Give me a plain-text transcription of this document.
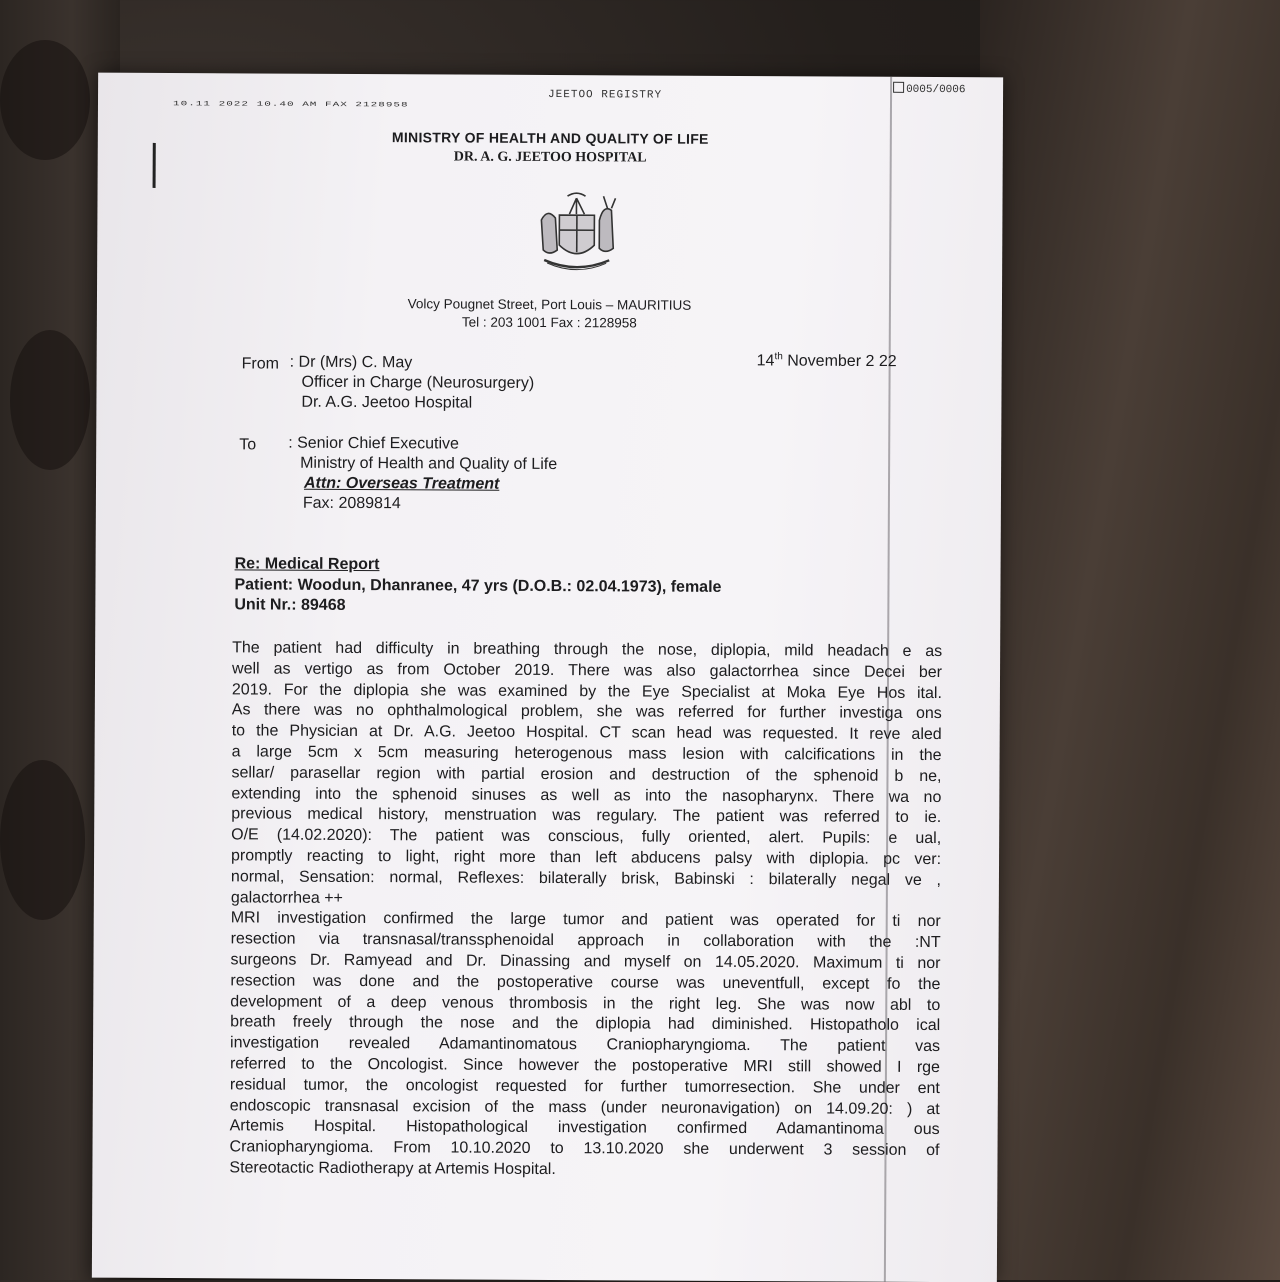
10.11 2022 10.40 AM FAX 2128958
JEETOO REGISTRY	0005/0006
MINISTRY OF HEALTH AND QUALITY OF LIFE
DR. A. G. JEETOO HOSPITAL
Volcy Pougnet Street, Port Louis – MAURITIUS
Tel : 203 1001 Fax : 2128958
14th November 2 22
From : Dr (Mrs) C. May
Officer in Charge (Neurosurgery)
Dr. A.G. Jeetoo Hospital
To : Senior Chief Executive
Ministry of Health and Quality of Life
Attn: Overseas Treatment
Fax: 2089814
Re: Medical Report
Patient: Woodun, Dhanranee, 47 yrs (D.O.B.: 02.04.1973), female
Unit Nr.: 89468

The patient had difficulty in breathing through the nose, diplopia, mild headach e as

well as vertigo as from October 2019. There was also galactorrhea since Decei ber

2019. For the diplopia she was examined by the Eye Specialist at Moka Eye Hos ital.

As there was no ophthalmological problem, she was referred for further investiga ons

to the Physician at Dr. A.G. Jeetoo Hospital. CT scan head was requested. It reve aled

a large 5cm x 5cm measuring heterogenous mass lesion with calcifications in the

sellar/ parasellar region with partial erosion and destruction of the sphenoid b ne,

extending into the sphenoid sinuses as well as into the nasopharynx. There wa no

previous medical history, menstruation was regulary. The patient was referred to ie.

O/E (14.02.2020): The patient was conscious, fully oriented, alert. Pupils: e ual,

promptly reacting to light, right more than left abducens palsy with diplopia. pc ver:

normal, Sensation: normal, Reflexes: bilaterally brisk, Babinski : bilaterally negal ve ,

galactorrhea ++

MRI investigation confirmed the large tumor and patient was operated for ti nor

resection via transnasal/transsphenoidal approach in collaboration with the :NT

surgeons Dr. Ramyead and Dr. Dinassing and myself on 14.05.2020. Maximum ti nor

resection was done and the postoperative course was uneventfull, except fo the

development of a deep venous thrombosis in the right leg. She was now abl to

breath freely through the nose and the diplopia had diminished. Histopatholo ical

investigation revealed Adamantinomatous Craniopharyngioma. The patient vas

referred to the Oncologist. Since however the postoperative MRI still showed I rge

residual tumor, the oncologist requested for further tumorresection. She under ent

endoscopic transnasal excision of the mass (under neuronavigation) on 14.09.20: ) at

Artemis Hospital. Histopathological investigation confirmed Adamantinoma ous

Craniopharyngioma. From 10.10.2020 to 13.10.2020 she underwent 3 session of

Stereotactic Radiotherapy at Artemis Hospital.
